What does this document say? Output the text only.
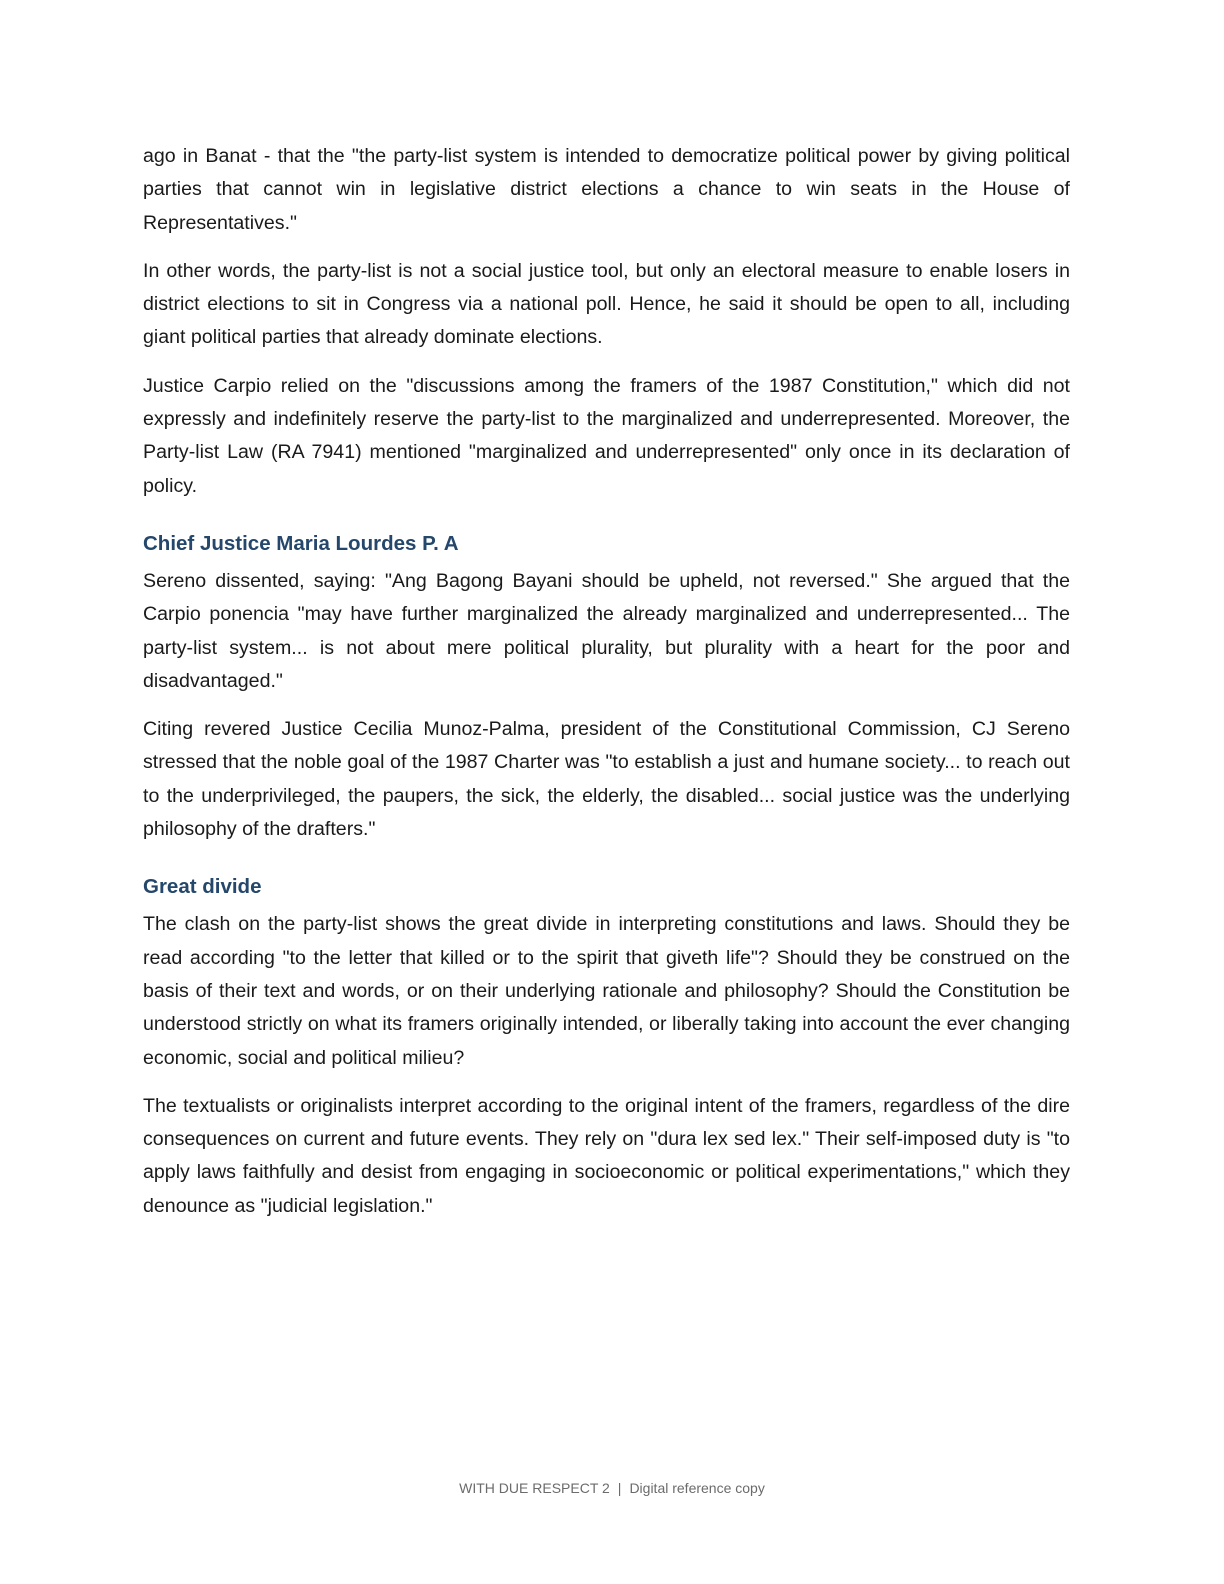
ago in Banat - that the "the party-list system is intended to democratize political power by giving political parties that cannot win in legislative district elections a chance to win seats in the House of Representatives."

In other words, the party-list is not a social justice tool, but only an electoral measure to enable losers in district elections to sit in Congress via a national poll. Hence, he said it should be open to all, including giant political parties that already dominate elections.

Justice Carpio relied on the "discussions among the framers of the 1987 Constitution," which did not expressly and indefinitely reserve the party-list to the marginalized and underrepresented. Moreover, the Party-list Law (RA 7941) mentioned "marginalized and underrepresented" only once in its declaration of policy.

Chief Justice Maria Lourdes P. A

Sereno dissented, saying: "Ang Bagong Bayani should be upheld, not reversed." She argued that the Carpio ponencia "may have further marginalized the already marginalized and underrepresented... The party-list system... is not about mere political plurality, but plurality with a heart for the poor and disadvantaged."

Citing revered Justice Cecilia Munoz-Palma, president of the Constitutional Commission, CJ Sereno stressed that the noble goal of the 1987 Charter was "to establish a just and humane society... to reach out to the underprivileged, the paupers, the sick, the elderly, the disabled... social justice was the underlying philosophy of the drafters."

Great divide

The clash on the party-list shows the great divide in interpreting constitutions and laws. Should they be read according "to the letter that killed or to the spirit that giveth life"? Should they be construed on the basis of their text and words, or on their underlying rationale and philosophy? Should the Constitution be understood strictly on what its framers originally intended, or liberally taking into account the ever changing economic, social and political milieu?

The textualists or originalists interpret according to the original intent of the framers, regardless of the dire consequences on current and future events. They rely on "dura lex sed lex." Their self-imposed duty is "to apply laws faithfully and desist from engaging in socioeconomic or political experimentations," which they denounce as "judicial legislation."

WITH DUE RESPECT 2 | Digital reference copy
